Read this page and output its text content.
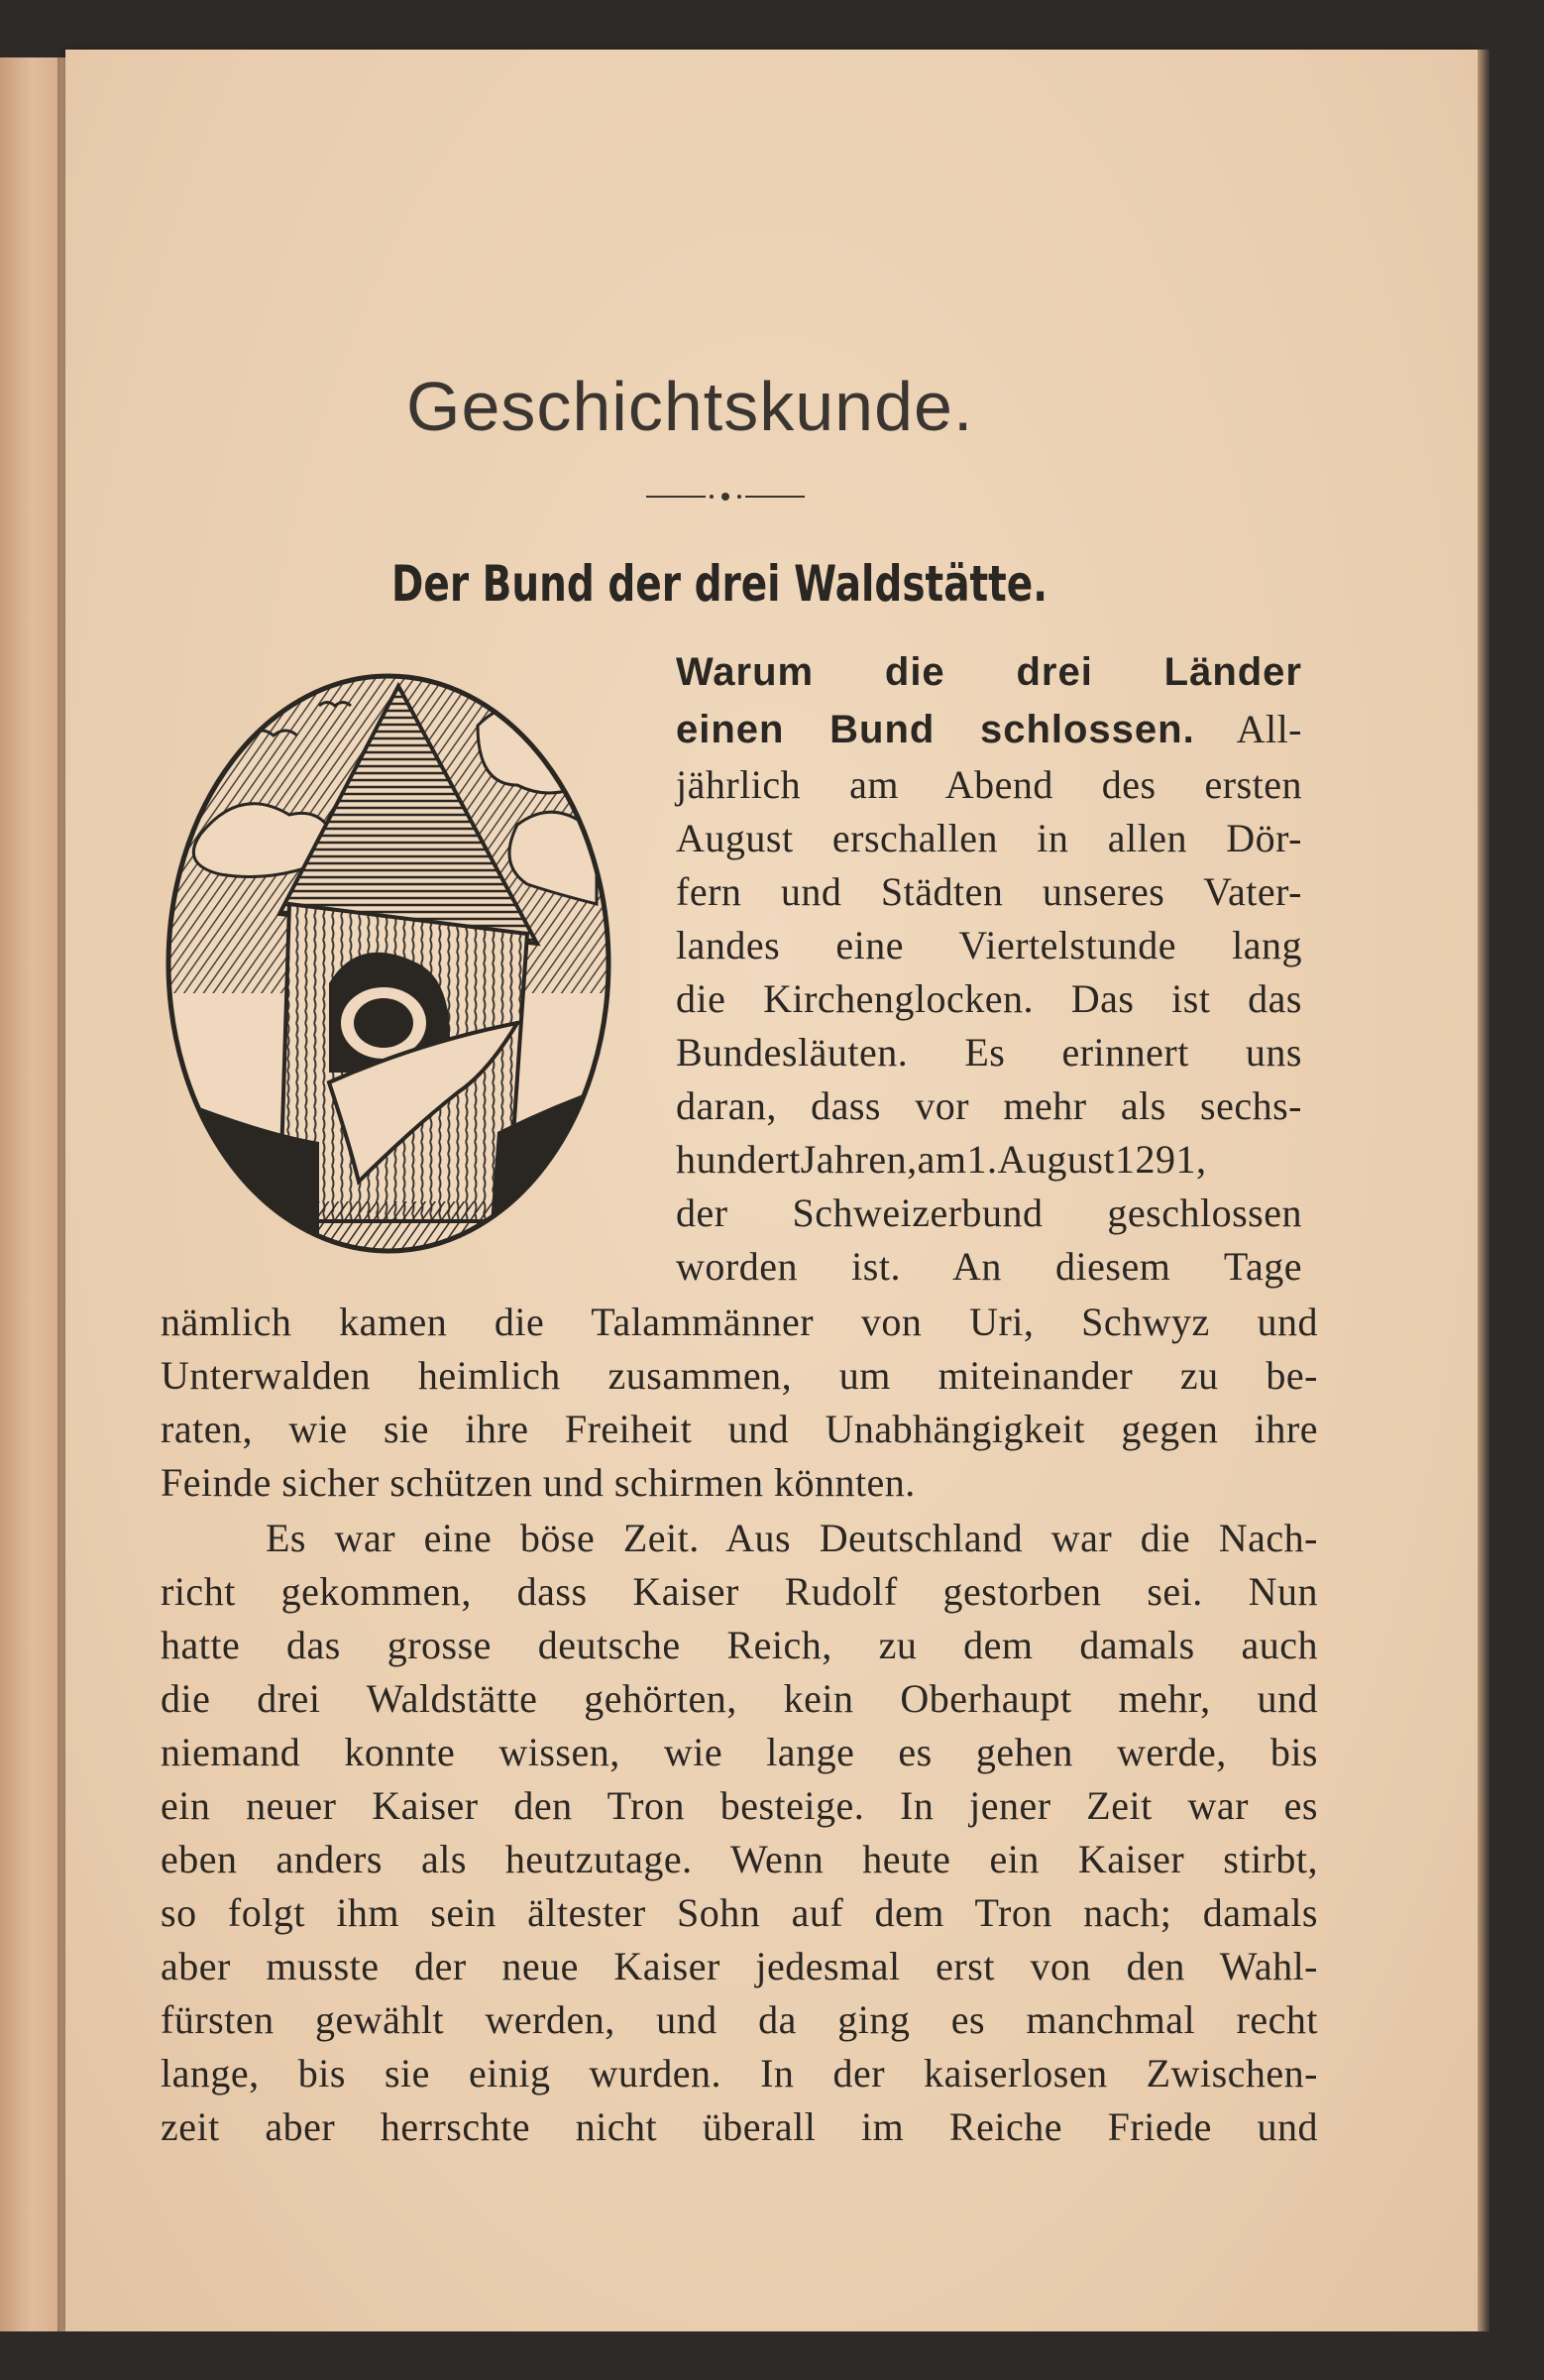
Geschichtskunde.
Der Bund der drei Waldstätte.
Warum die drei Länder
einen Bund schlossen. All-
jährlich am Abend des ersten
August erschallen in allen Dör-
fern und Städten unseres Vater-
landes eine Viertelstunde lang
die Kirchenglocken. Das ist das
Bundesläuten. Es erinnert uns
daran, dass vor mehr als sechs-
hundertJahren,am1.August1291,
der Schweizerbund geschlossen
worden ist. An diesem Tage
nämlich kamen die Talammänner von Uri, Schwyz und
Unterwalden heimlich zusammen, um miteinander zu be-
raten, wie sie ihre Freiheit und Unabhängigkeit gegen ihre
Feinde sicher schützen und schirmen könnten.
Es war eine böse Zeit. Aus Deutschland war die Nach-
richt gekommen, dass Kaiser Rudolf gestorben sei. Nun
hatte das grosse deutsche Reich, zu dem damals auch
die drei Waldstätte gehörten, kein Oberhaupt mehr, und
niemand konnte wissen, wie lange es gehen werde, bis
ein neuer Kaiser den Tron besteige. In jener Zeit war es
eben anders als heutzutage. Wenn heute ein Kaiser stirbt,
so folgt ihm sein ältester Sohn auf dem Tron nach; damals
aber musste der neue Kaiser jedesmal erst von den Wahl-
fürsten gewählt werden, und da ging es manchmal recht
lange, bis sie einig wurden. In der kaiserlosen Zwischen-
zeit aber herrschte nicht überall im Reiche Friede und
